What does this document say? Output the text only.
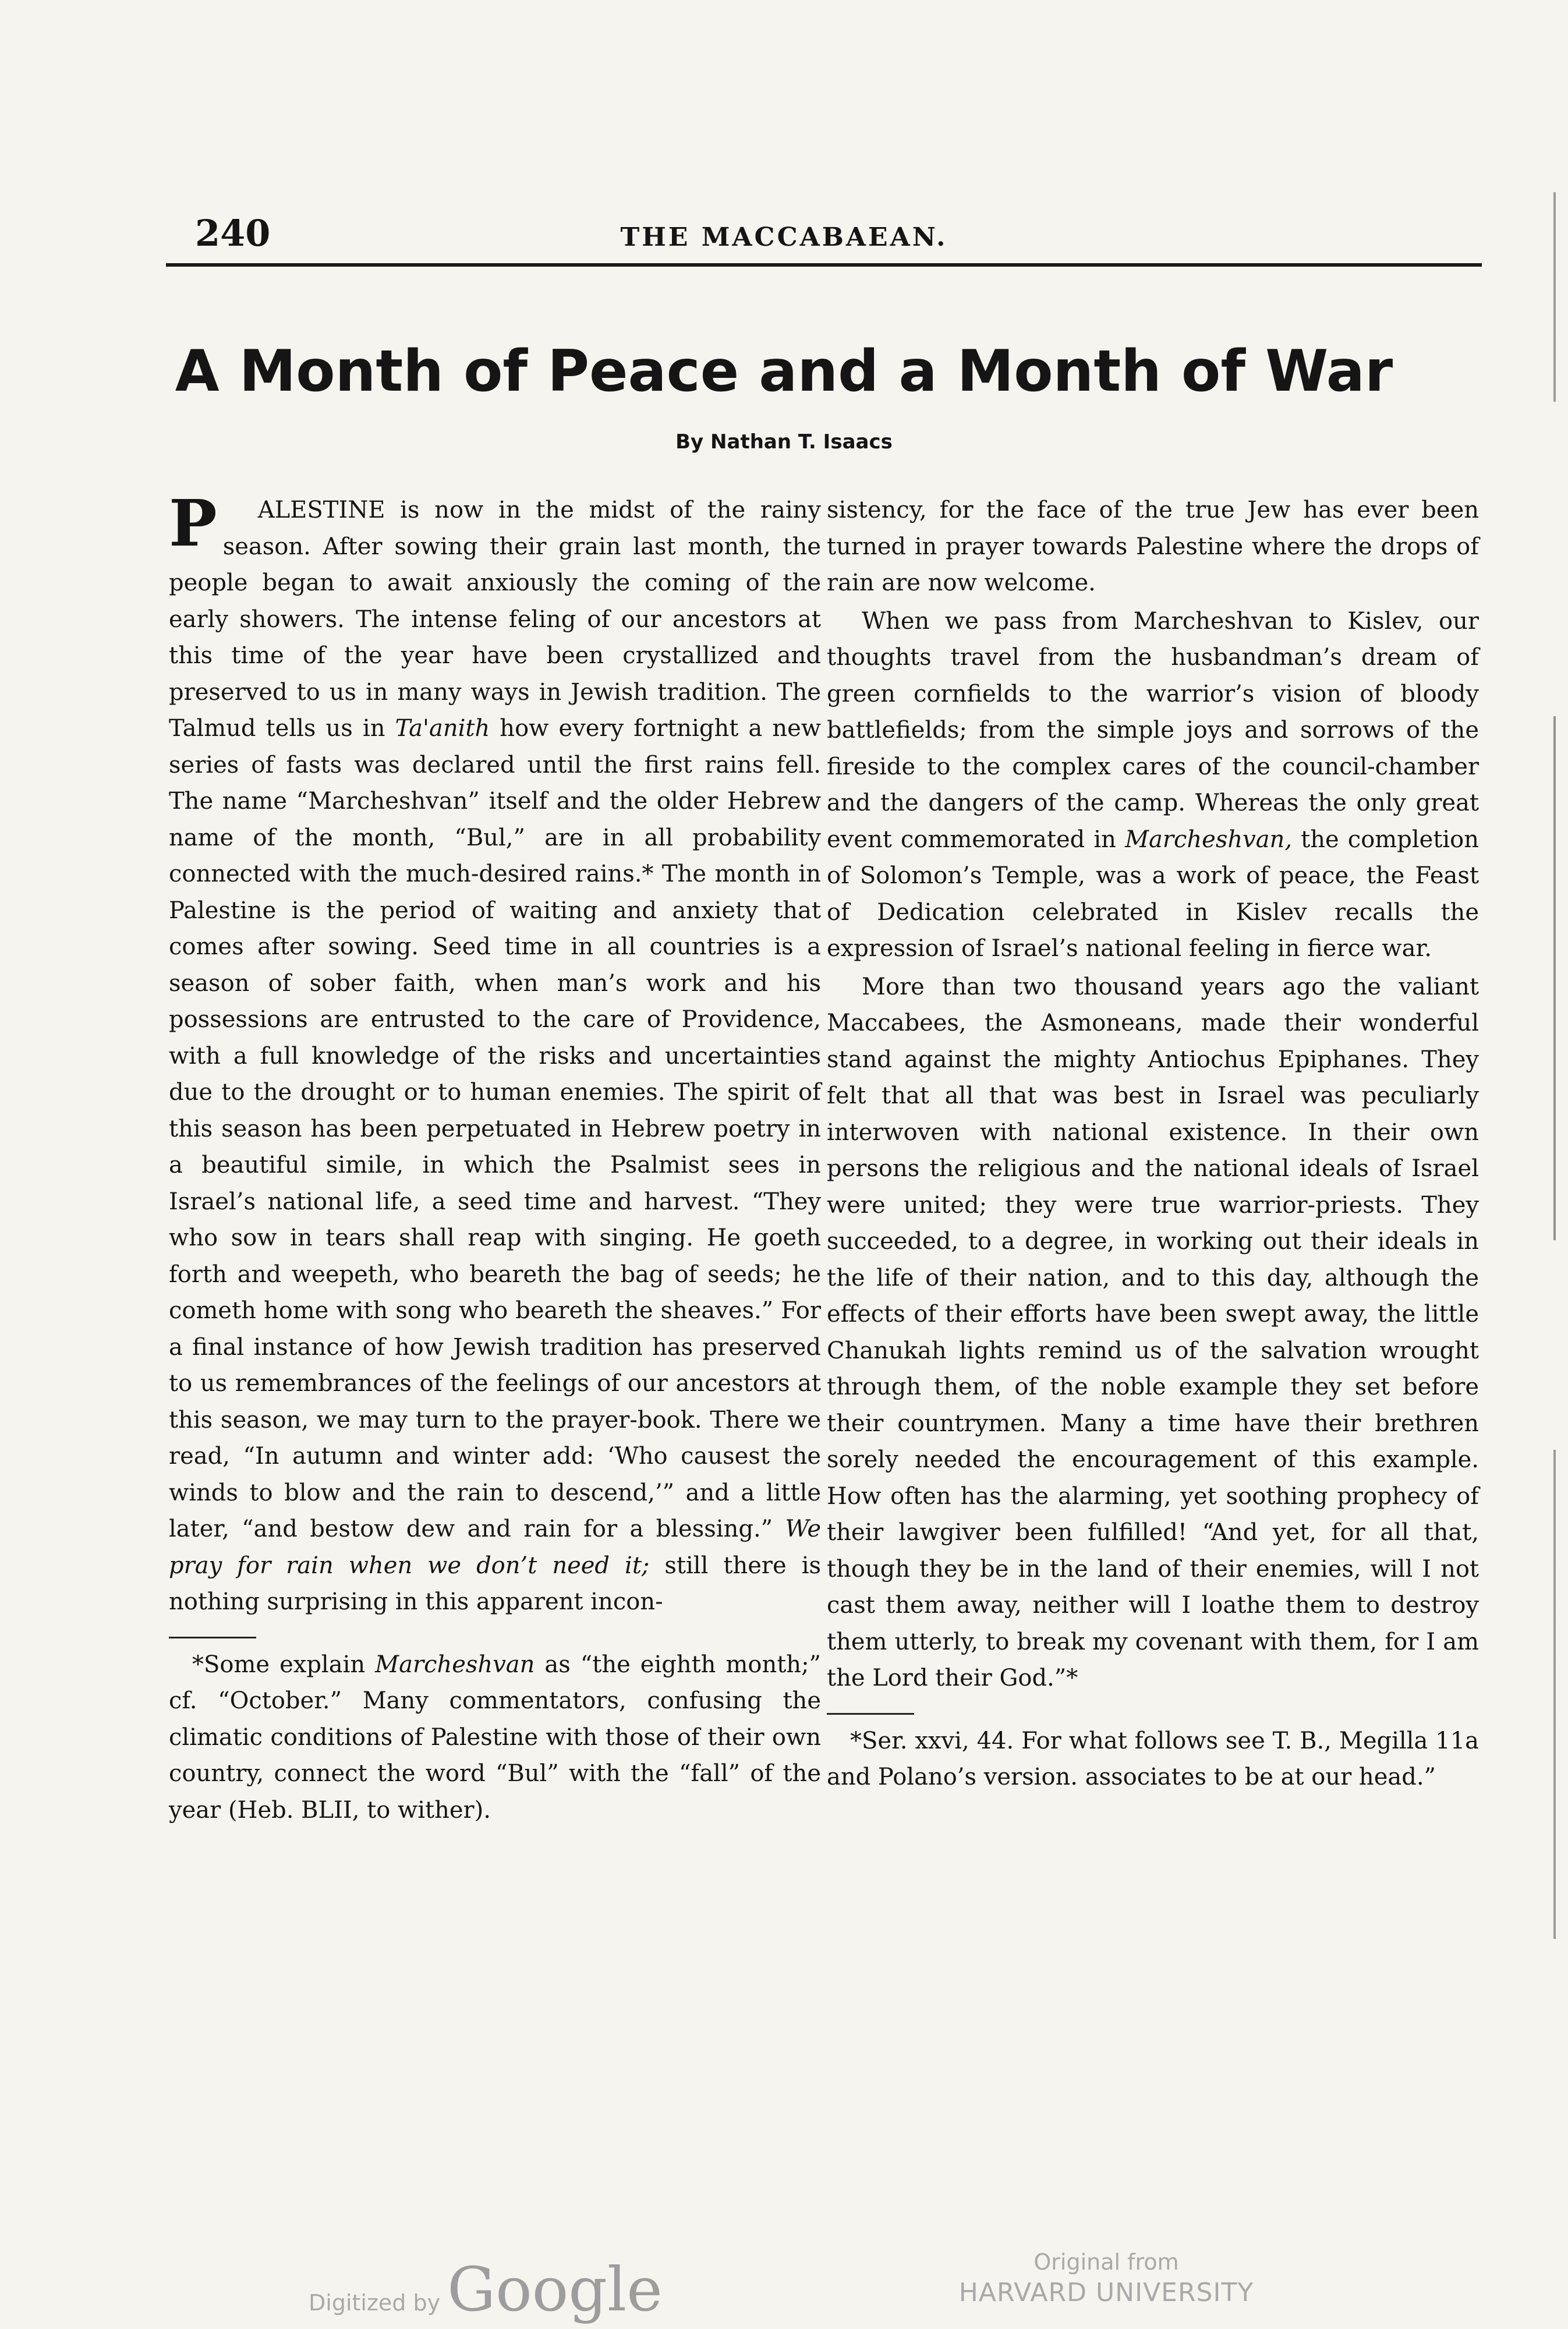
240	THE MACCABAEAN.
A Month of Peace and a Month of War
By Nathan T. Isaacs

P ALESTINE is now in the midst of the rainy season. After sowing their grain last month, the people began to await anxiously the coming of the early showers. The intense feling of our ancestors at this time of the year have been crystallized and preserved to us in many ways in Jewish tradition. The Talmud tells us in Ta'anith how every fortnight a new series of fasts was declared until the first rains fell. The name “Marcheshvan” itself and the older Hebrew name of the month, “Bul,” are in all probability connected with the much-desired rains.* The month in Palestine is the period of waiting and anxiety that comes after sowing. Seed time in all countries is a season of sober faith, when man’s work and his possessions are entrusted to the care of Providence, with a full knowledge of the risks and uncertainties due to the drought or to human enemies. The spirit of this season has been perpetuated in Hebrew poetry in a beautiful simile, in which the Psalmist sees in Israel’s national life, a seed time and harvest. “They who sow in tears shall reap with singing. He goeth forth and weepeth, who beareth the bag of seeds; he cometh home with song who beareth the sheaves.” For a final instance of how Jewish tradition has preserved to us remembrances of the feelings of our ancestors at this season, we may turn to the prayer-book. There we read, “In autumn and winter add: ‘Who causest the winds to blow and the rain to descend,’” and a little later, “and bestow dew and rain for a blessing.” We pray for rain when we don’t need it; still there is nothing surprising in this apparent incon-

*Some explain Marcheshvan as “the eighth month;” cf. “October.” Many commentators, confusing the climatic conditions of Palestine with those of their own country, connect the word “Bul” with the “fall” of the year (Heb. BLII, to wither).

sistency, for the face of the true Jew has ever been turned in prayer towards Palestine where the drops of rain are now welcome.

When we pass from Marcheshvan to Kislev, our thoughts travel from the husbandman’s dream of green cornfields to the warrior’s vision of bloody battlefields; from the simple joys and sorrows of the fireside to the complex cares of the council-chamber and the dangers of the camp. Whereas the only great event commemorated in Marcheshvan, the completion of Solomon’s Temple, was a work of peace, the Feast of Dedication celebrated in Kislev recalls the expression of Israel’s national feeling in fierce war.

More than two thousand years ago the valiant Maccabees, the Asmoneans, made their wonderful stand against the mighty Antiochus Epiphanes. They felt that all that was best in Israel was peculiarly interwoven with national existence. In their own persons the religious and the national ideals of Israel were united; they were true warrior-priests. They succeeded, to a degree, in working out their ideals in the life of their nation, and to this day, although the effects of their efforts have been swept away, the little Chanukah lights remind us of the salvation wrought through them, of the noble example they set before their countrymen. Many a time have their brethren sorely needed the encouragement of this example. How often has the alarming, yet soothing prophecy of their lawgiver been fulfilled! “And yet, for all that, though they be in the land of their enemies, will I not cast them away, neither will I loathe them to destroy them utterly, to break my covenant with them, for I am the Lord their God.”*

*Ser. xxvi, 44. For what follows see T. B., Megilla 11a and Polano’s version. associates to be at our head.”

Digitized by Google	Original from
HARVARD UNIVERSITY
